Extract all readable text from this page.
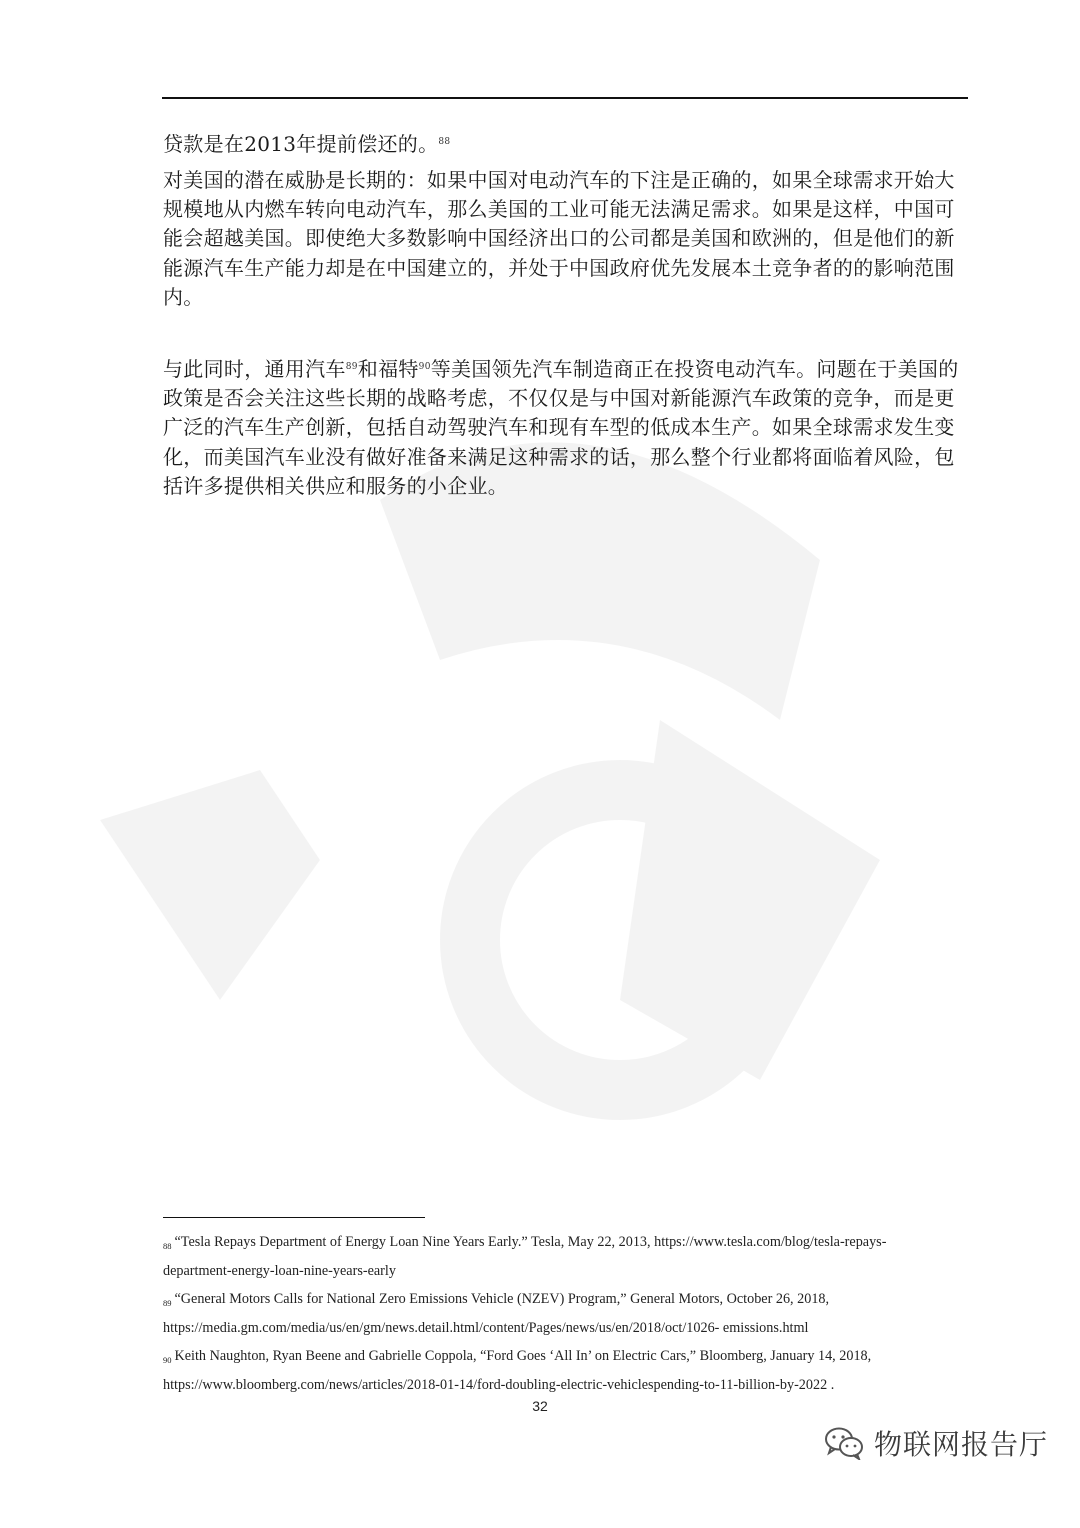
贷款是在2013年提前偿还的。$^{88}$

对美国的潜在威胁是长期的：如果中国对电动汽车的下注是正确的，如果全球需求开始大规模地从内燃车转向电动汽车，那么美国的工业可能无法满足需求。如果是这样，中国可能会超越美国。即使绝大多数影响中国经济出口的公司都是美国和欧洲的，但是他们的新能源汽车生产能力却是在中国建立的，并处于中国政府优先发展本土竞争者的的影响范围内。

与此同时，通用汽车$^{89}$和福特$^{90}$等美国领先汽车制造商正在投资电动汽车。问题在于美国的政策是否会关注这些长期的战略考虑，不仅仅是与中国对新能源汽车政策的竞争，而是更广泛的汽车生产创新，包括自动驾驶汽车和现有车型的低成本生产。如果全球需求发生变化，而美国汽车业没有做好准备来满足这种需求的话，那么整个行业都将面临着风险，包括许多提供相关供应和服务的小企业。

$^{88}$ “Tesla Repays Department of Energy Loan Nine Years Early.” Tesla, May 22, 2013, https://www.tesla.com/blog/tesla-repays-department-energy-loan-nine-years-early

$^{89}$ “General Motors Calls for National Zero Emissions Vehicle (NZEV) Program,” General Motors, October 26, 2018, https://media.gm.com/media/us/en/gm/news.detail.html/content/Pages/news/us/en/2018/oct/1026- emissions.html

$^{90}$ Keith Naughton, Ryan Beene and Gabrielle Coppola, “Ford Goes ‘All In’ on Electric Cars,” Bloomberg, January 14, 2018, https://www.bloomberg.com/news/articles/2018-01-14/ford-doubling-electric-vehiclespending-to-11-billion-by-2022 .

32
物联网报告厅
